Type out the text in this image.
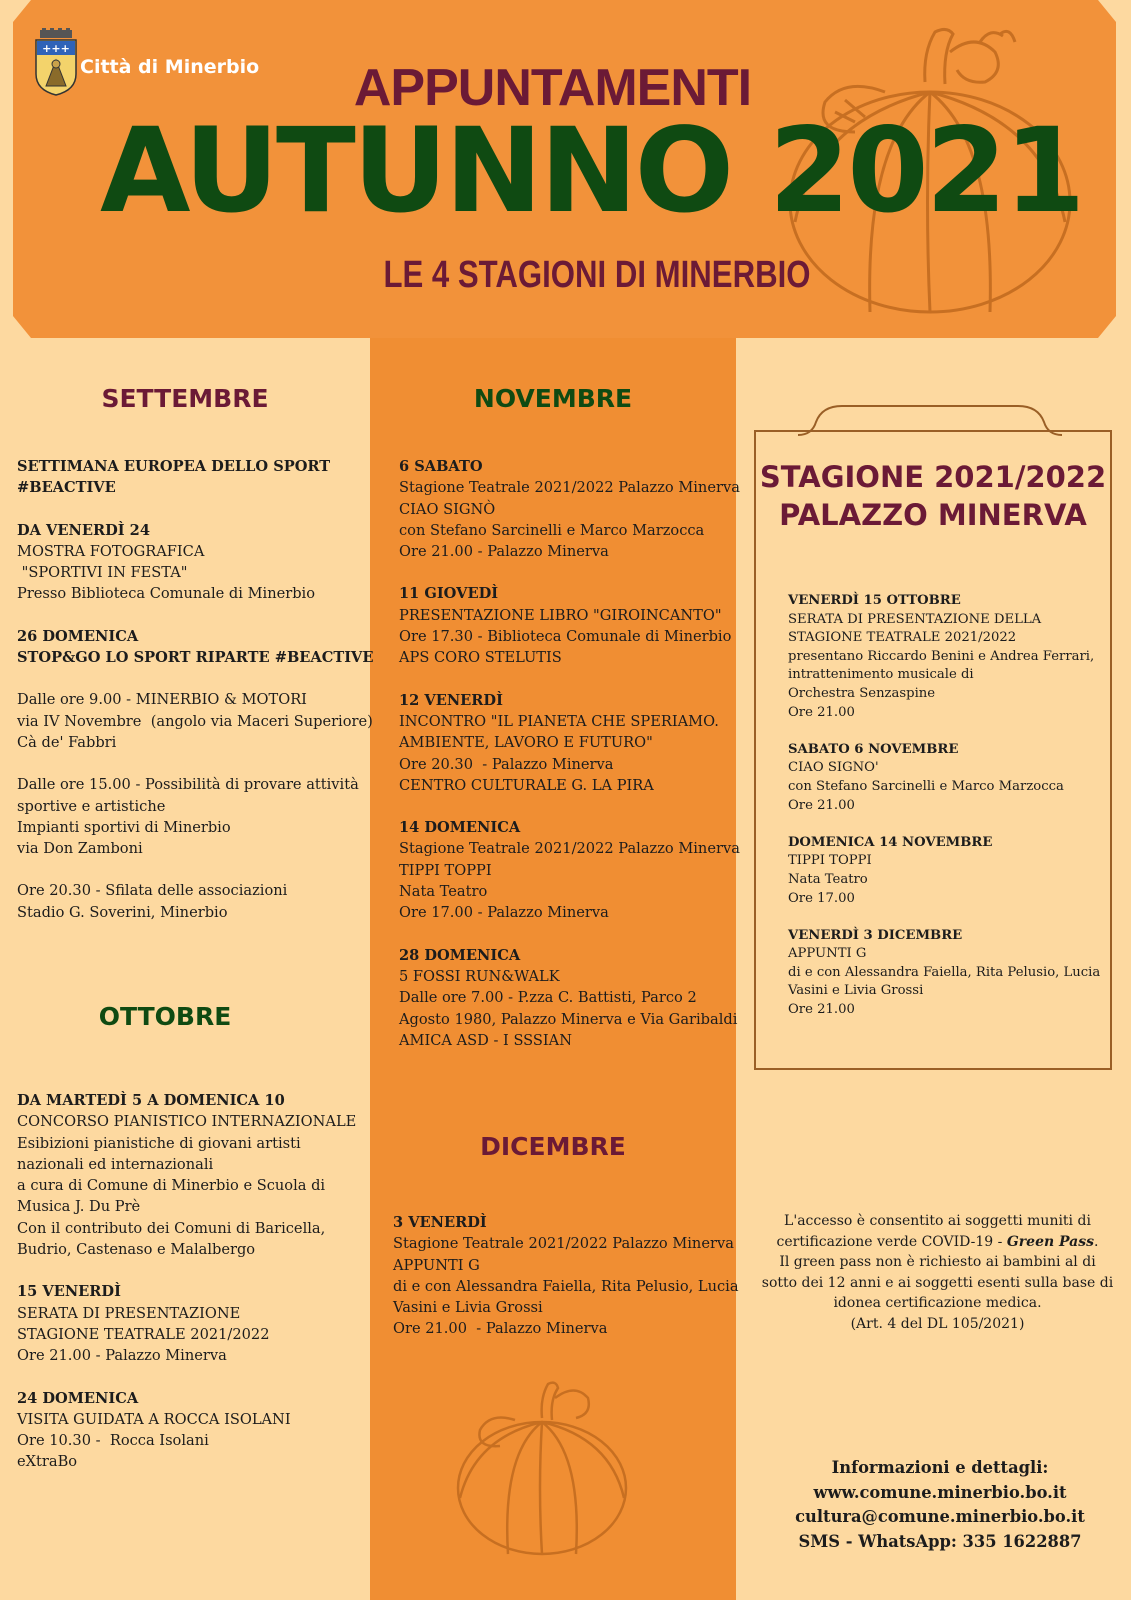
+++
Città di Minerbio APPUNTAMENTI
AUTUNNO 2021
LE 4 STAGIONI DI MINERBIO
SETTEMBRE
SETTIMANA EUROPEA DELLO SPORT
#BEACTIVE
DA VENERDÌ 24
MOSTRA FOTOGRAFICA
"SPORTIVI IN FESTA"
Presso Biblioteca Comunale di Minerbio
26 DOMENICA
STOP&GO LO SPORT RIPARTE #BEACTIVE
Dalle ore 9.00 - MINERBIO & MOTORI
via IV Novembre  (angolo via Maceri Superiore)
Cà de' Fabbri
Dalle ore 15.00 - Possibilità di provare attività
sportive e artistiche
Impianti sportivi di Minerbio
via Don Zamboni
Ore 20.30 - Sfilata delle associazioni
Stadio G. Soverini, Minerbio
OTTOBRE
DA MARTEDÌ 5 A DOMENICA 10
CONCORSO PIANISTICO INTERNAZIONALE
Esibizioni pianistiche di giovani artisti
nazionali ed internazionali
a cura di Comune di Minerbio e Scuola di
Musica J. Du Prè
Con il contributo dei Comuni di Baricella,
Budrio, Castenaso e Malalbergo
15 VENERDÌ
SERATA DI PRESENTAZIONE
STAGIONE TEATRALE 2021/2022
Ore 21.00 - Palazzo Minerva
24 DOMENICA
VISITA GUIDATA A ROCCA ISOLANI
Ore 10.30 -  Rocca Isolani
eXtraBo
NOVEMBRE
6 SABATO
Stagione Teatrale 2021/2022 Palazzo Minerva
CIAO SIGNÒ
con Stefano Sarcinelli e Marco Marzocca
Ore 21.00 - Palazzo Minerva
11 GIOVEDÌ
PRESENTAZIONE LIBRO "GIROINCANTO"
Ore 17.30 - Biblioteca Comunale di Minerbio
APS CORO STELUTIS
12 VENERDÌ
INCONTRO "IL PIANETA CHE SPERIAMO.
AMBIENTE, LAVORO E FUTURO"
Ore 20.30  - Palazzo Minerva
CENTRO CULTURALE G. LA PIRA
14 DOMENICA
Stagione Teatrale 2021/2022 Palazzo Minerva
TIPPI TOPPI
Nata Teatro
Ore 17.00 - Palazzo Minerva
28 DOMENICA
5 FOSSI RUN&WALK
Dalle ore 7.00 - P.zza C. Battisti, Parco 2
Agosto 1980, Palazzo Minerva e Via Garibaldi
AMICA ASD - I SSSIAN
DICEMBRE
3 VENERDÌ
Stagione Teatrale 2021/2022 Palazzo Minerva
APPUNTI G
di e con Alessandra Faiella, Rita Pelusio, Lucia
Vasini e Livia Grossi
Ore 21.00  - Palazzo Minerva
STAGIONE 2021/2022
PALAZZO MINERVA
VENERDÌ 15 OTTOBRE
SERATA DI PRESENTAZIONE DELLA
STAGIONE TEATRALE 2021/2022
presentano Riccardo Benini e Andrea Ferrari,
intrattenimento musicale di
Orchestra Senzaspine
Ore 21.00
SABATO 6 NOVEMBRE
CIAO SIGNO'
con Stefano Sarcinelli e Marco Marzocca
Ore 21.00
DOMENICA 14 NOVEMBRE
TIPPI TOPPI
Nata Teatro
Ore 17.00
VENERDÌ 3 DICEMBRE
APPUNTI G
di e con Alessandra Faiella, Rita Pelusio, Lucia
Vasini e Livia Grossi
Ore 21.00
L'accesso è consentito ai soggetti muniti di
certificazione verde COVID-19 - Green Pass.
Il green pass non è richiesto ai bambini al di
sotto dei 12 anni e ai soggetti esenti sulla base di
idonea certificazione medica.
(Art. 4 del DL 105/2021)
Informazioni e dettagli:
www.comune.minerbio.bo.it
cultura@comune.minerbio.bo.it
SMS - WhatsApp: 335 1622887
